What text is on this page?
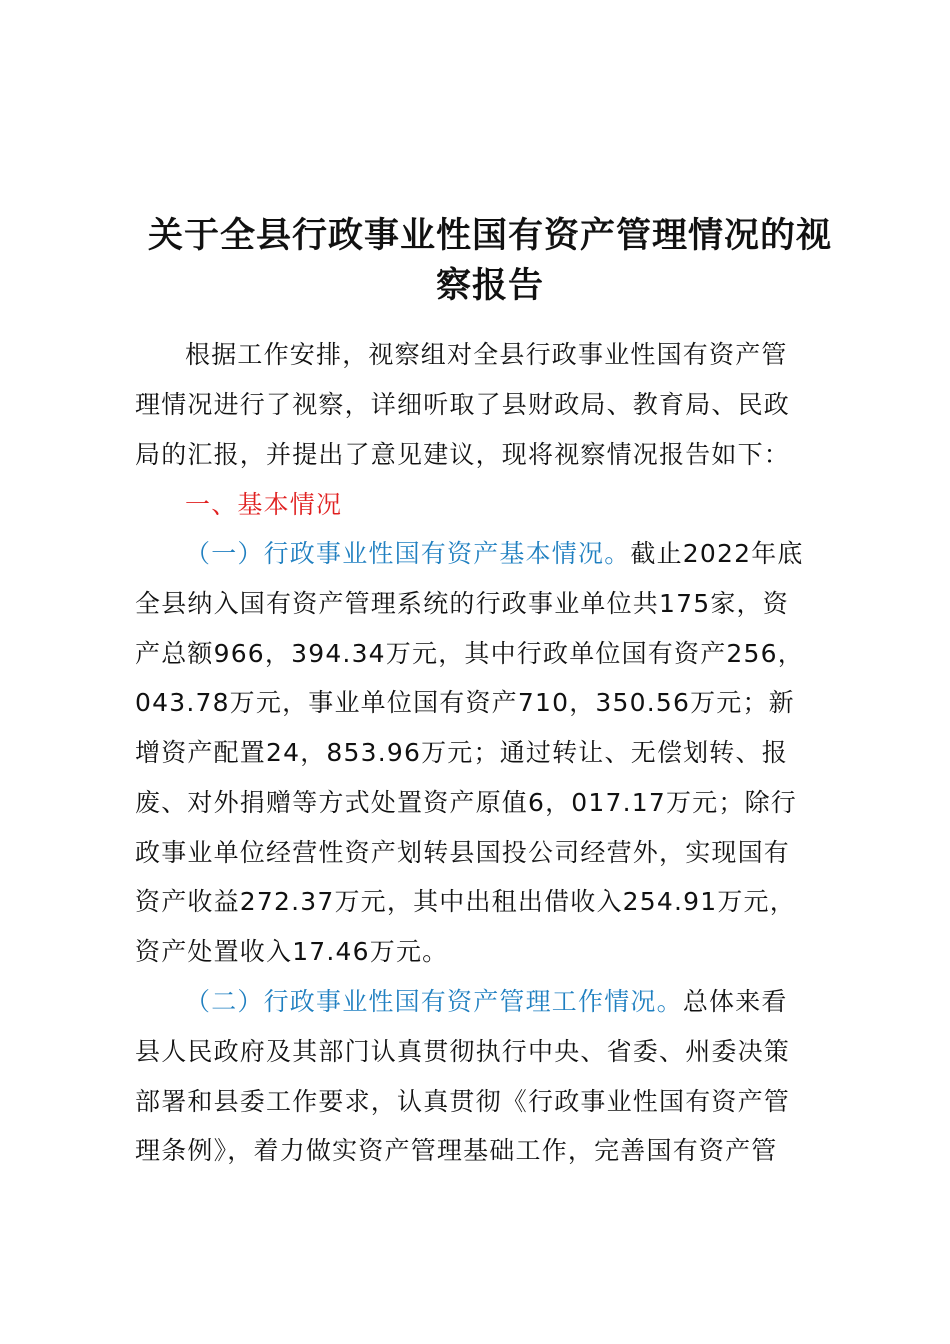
关于全县行政事业性国有资产管理情况的视
察报告

根据工作安排，视察组对全县行政事业性国有资产管

理情况进行了视察，详细听取了县财政局、教育局、民政

局的汇报，并提出了意见建议，现将视察情况报告如下：

一、基本情况

（一）行政事业性国有资产基本情况。截止2022年底

全县纳入国有资产管理系统的行政事业单位共175家，资

产总额966，394.34万元，其中行政单位国有资产256，

043.78万元，事业单位国有资产710，350.56万元；新

增资产配置24，853.96万元；通过转让、无偿划转、报

废、对外捐赠等方式处置资产原值6，017.17万元；除行

政事业单位经营性资产划转县国投公司经营外，实现国有

资产收益272.37万元，其中出租出借收入254.91万元，

资产处置收入17.46万元。

（二）行政事业性国有资产管理工作情况。总体来看

县人民政府及其部门认真贯彻执行中央、省委、州委决策

部署和县委工作要求，认真贯彻《行政事业性国有资产管

理条例》，着力做实资产管理基础工作，完善国有资产管
